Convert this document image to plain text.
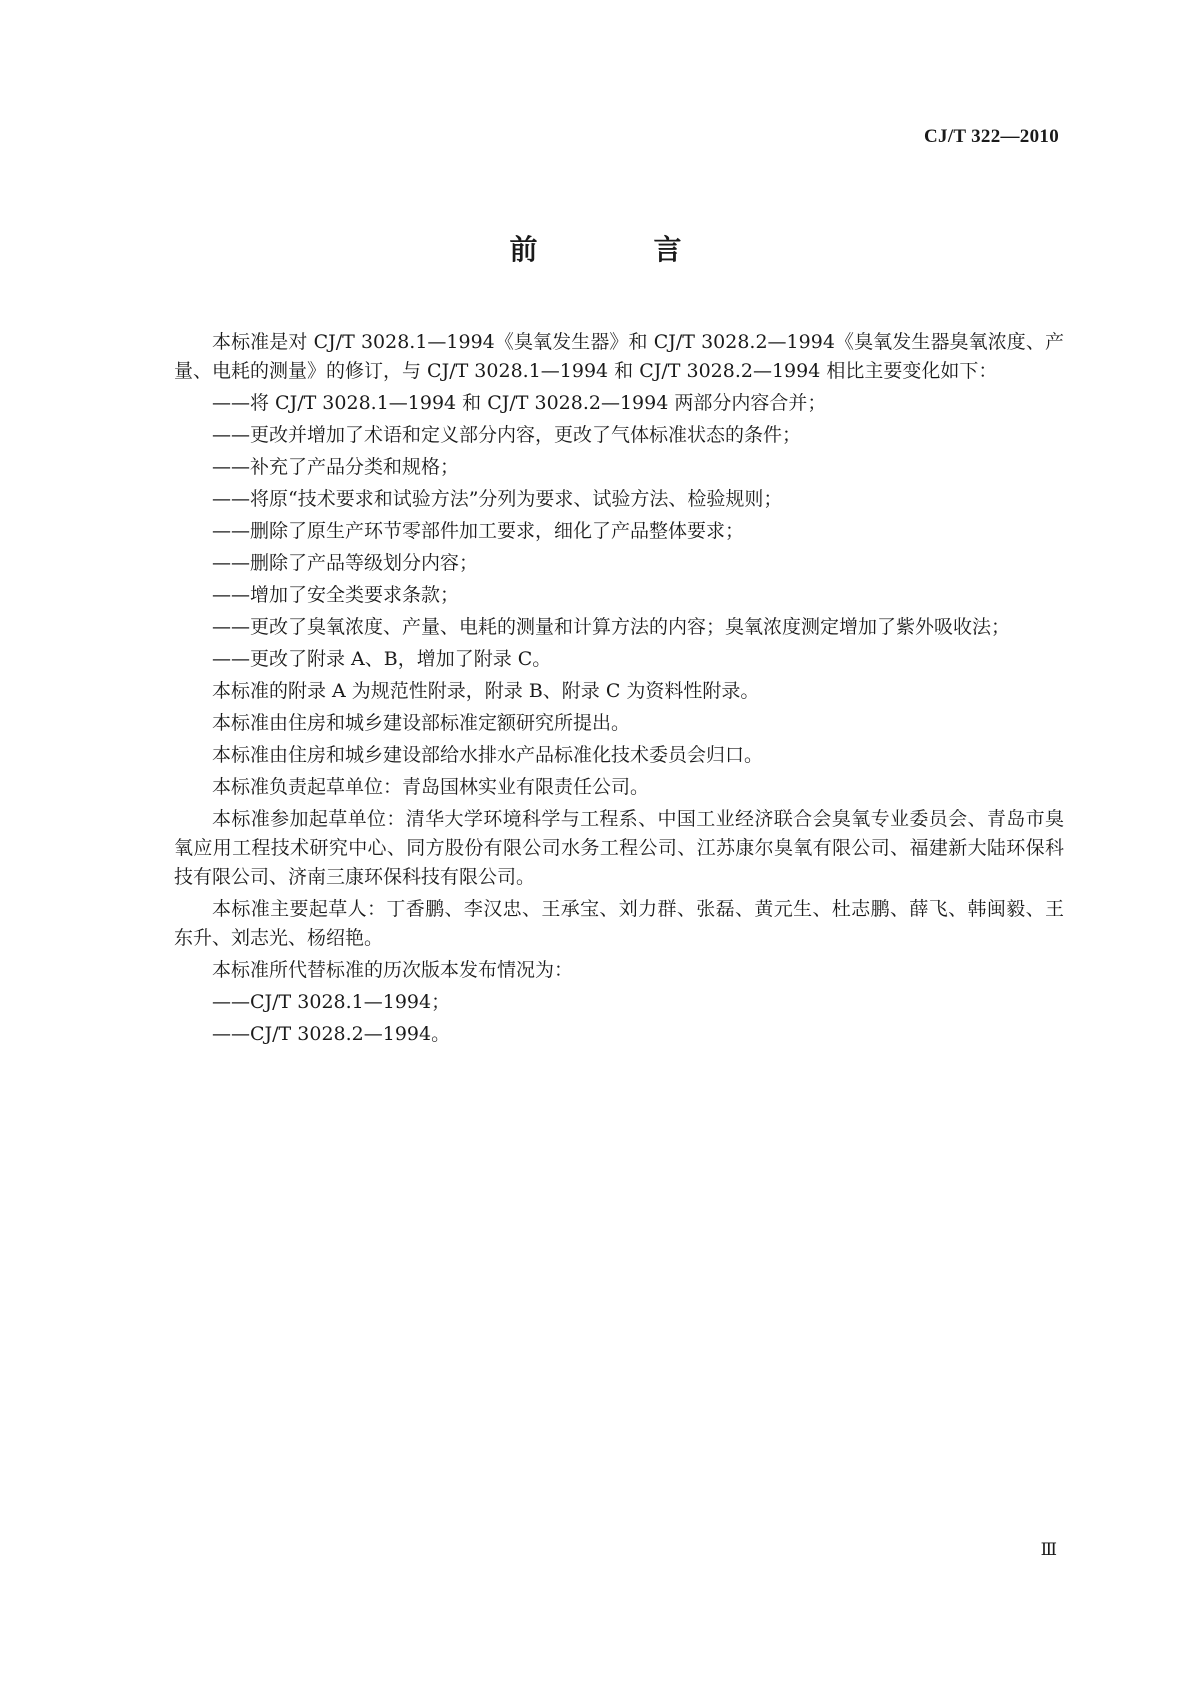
CJ/T 322—2010
前　言

本标准是对 CJ/T 3028.1—1994《臭氧发生器》和 CJ/T 3028.2—1994《臭氧发生器臭氧浓度、产量、电耗的测量》的修订，与 CJ/T 3028.1—1994 和 CJ/T 3028.2—1994 相比主要变化如下：

——将 CJ/T 3028.1—1994 和 CJ/T 3028.2—1994 两部分内容合并；

——更改并增加了术语和定义部分内容，更改了气体标准状态的条件；

——补充了产品分类和规格；

——将原“技术要求和试验方法”分列为要求、试验方法、检验规则；

——删除了原生产环节零部件加工要求，细化了产品整体要求；

——删除了产品等级划分内容；

——增加了安全类要求条款；

——更改了臭氧浓度、产量、电耗的测量和计算方法的内容；臭氧浓度测定增加了紫外吸收法；

——更改了附录 A、B，增加了附录 C。

本标准的附录 A 为规范性附录，附录 B、附录 C 为资料性附录。

本标准由住房和城乡建设部标准定额研究所提出。

本标准由住房和城乡建设部给水排水产品标准化技术委员会归口。

本标准负责起草单位：青岛国林实业有限责任公司。

本标准参加起草单位：清华大学环境科学与工程系、中国工业经济联合会臭氧专业委员会、青岛市臭氧应用工程技术研究中心、同方股份有限公司水务工程公司、江苏康尔臭氧有限公司、福建新大陆环保科技有限公司、济南三康环保科技有限公司。

本标准主要起草人：丁香鹏、李汉忠、王承宝、刘力群、张磊、黄元生、杜志鹏、薛飞、韩闽毅、王东升、刘志光、杨绍艳。

本标准所代替标准的历次版本发布情况为：

——CJ/T 3028.1—1994；

——CJ/T 3028.2—1994。

Ⅲ
